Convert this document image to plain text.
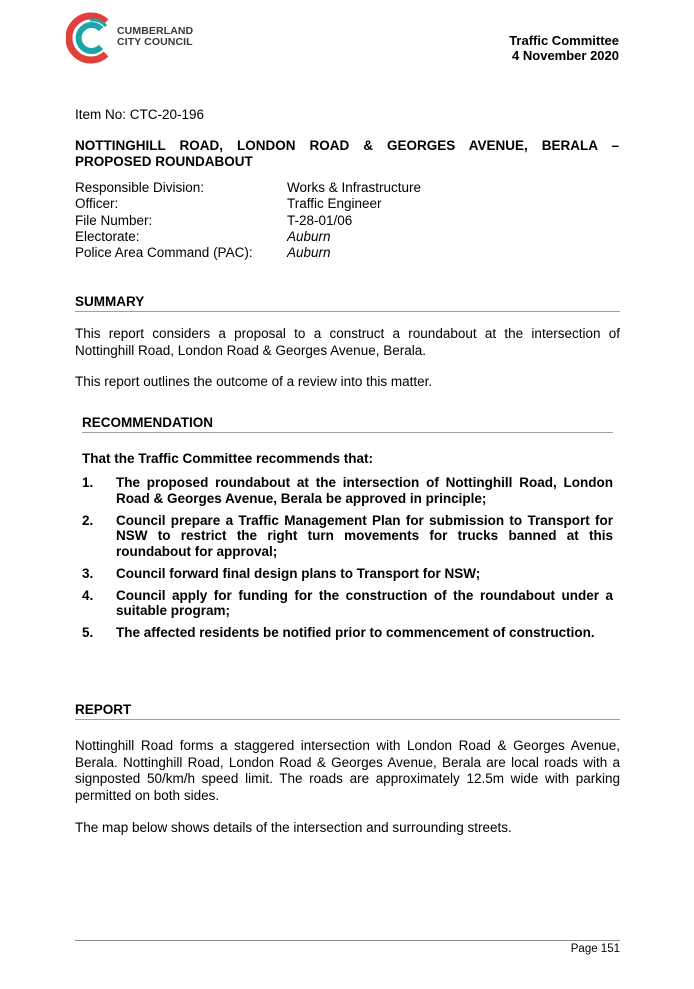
CUMBERLAND
CITY COUNCIL	Traffic Committee
4 November 2020
Item No: CTC-20-196
NOTTINGHILL ROAD, LONDON ROAD & GEORGES AVENUE, BERALA –
PROPOSED ROUNDABOUT
Responsible Division:	Works & Infrastructure
Officer:	Traffic Engineer
File Number:	T-28-01/06
Electorate:	Auburn
Police Area Command (PAC):	Auburn
SUMMARY
This report considers a proposal to a construct a roundabout at the intersection of Nottinghill Road, London Road & Georges Avenue, Berala.
This report outlines the outcome of a review into this matter.
RECOMMENDATION
That the Traffic Committee recommends that:
1.	The proposed roundabout at the intersection of Nottinghill Road, London Road & Georges Avenue, Berala be approved in principle;
2.	Council prepare a Traffic Management Plan for submission to Transport for NSW to restrict the right turn movements for trucks banned at this roundabout for approval;
3.	Council forward final design plans to Transport for NSW;
4.	Council apply for funding for the construction of the roundabout under a suitable program;
5.	The affected residents be notified prior to commencement of construction.
REPORT
Nottinghill Road forms a staggered intersection with London Road & Georges Avenue, Berala. Nottinghill Road, London Road & Georges Avenue, Berala are local roads with a signposted 50/km/h speed limit. The roads are approximately 12.5m wide with parking permitted on both sides.
The map below shows details of the intersection and surrounding streets.
Page 151
